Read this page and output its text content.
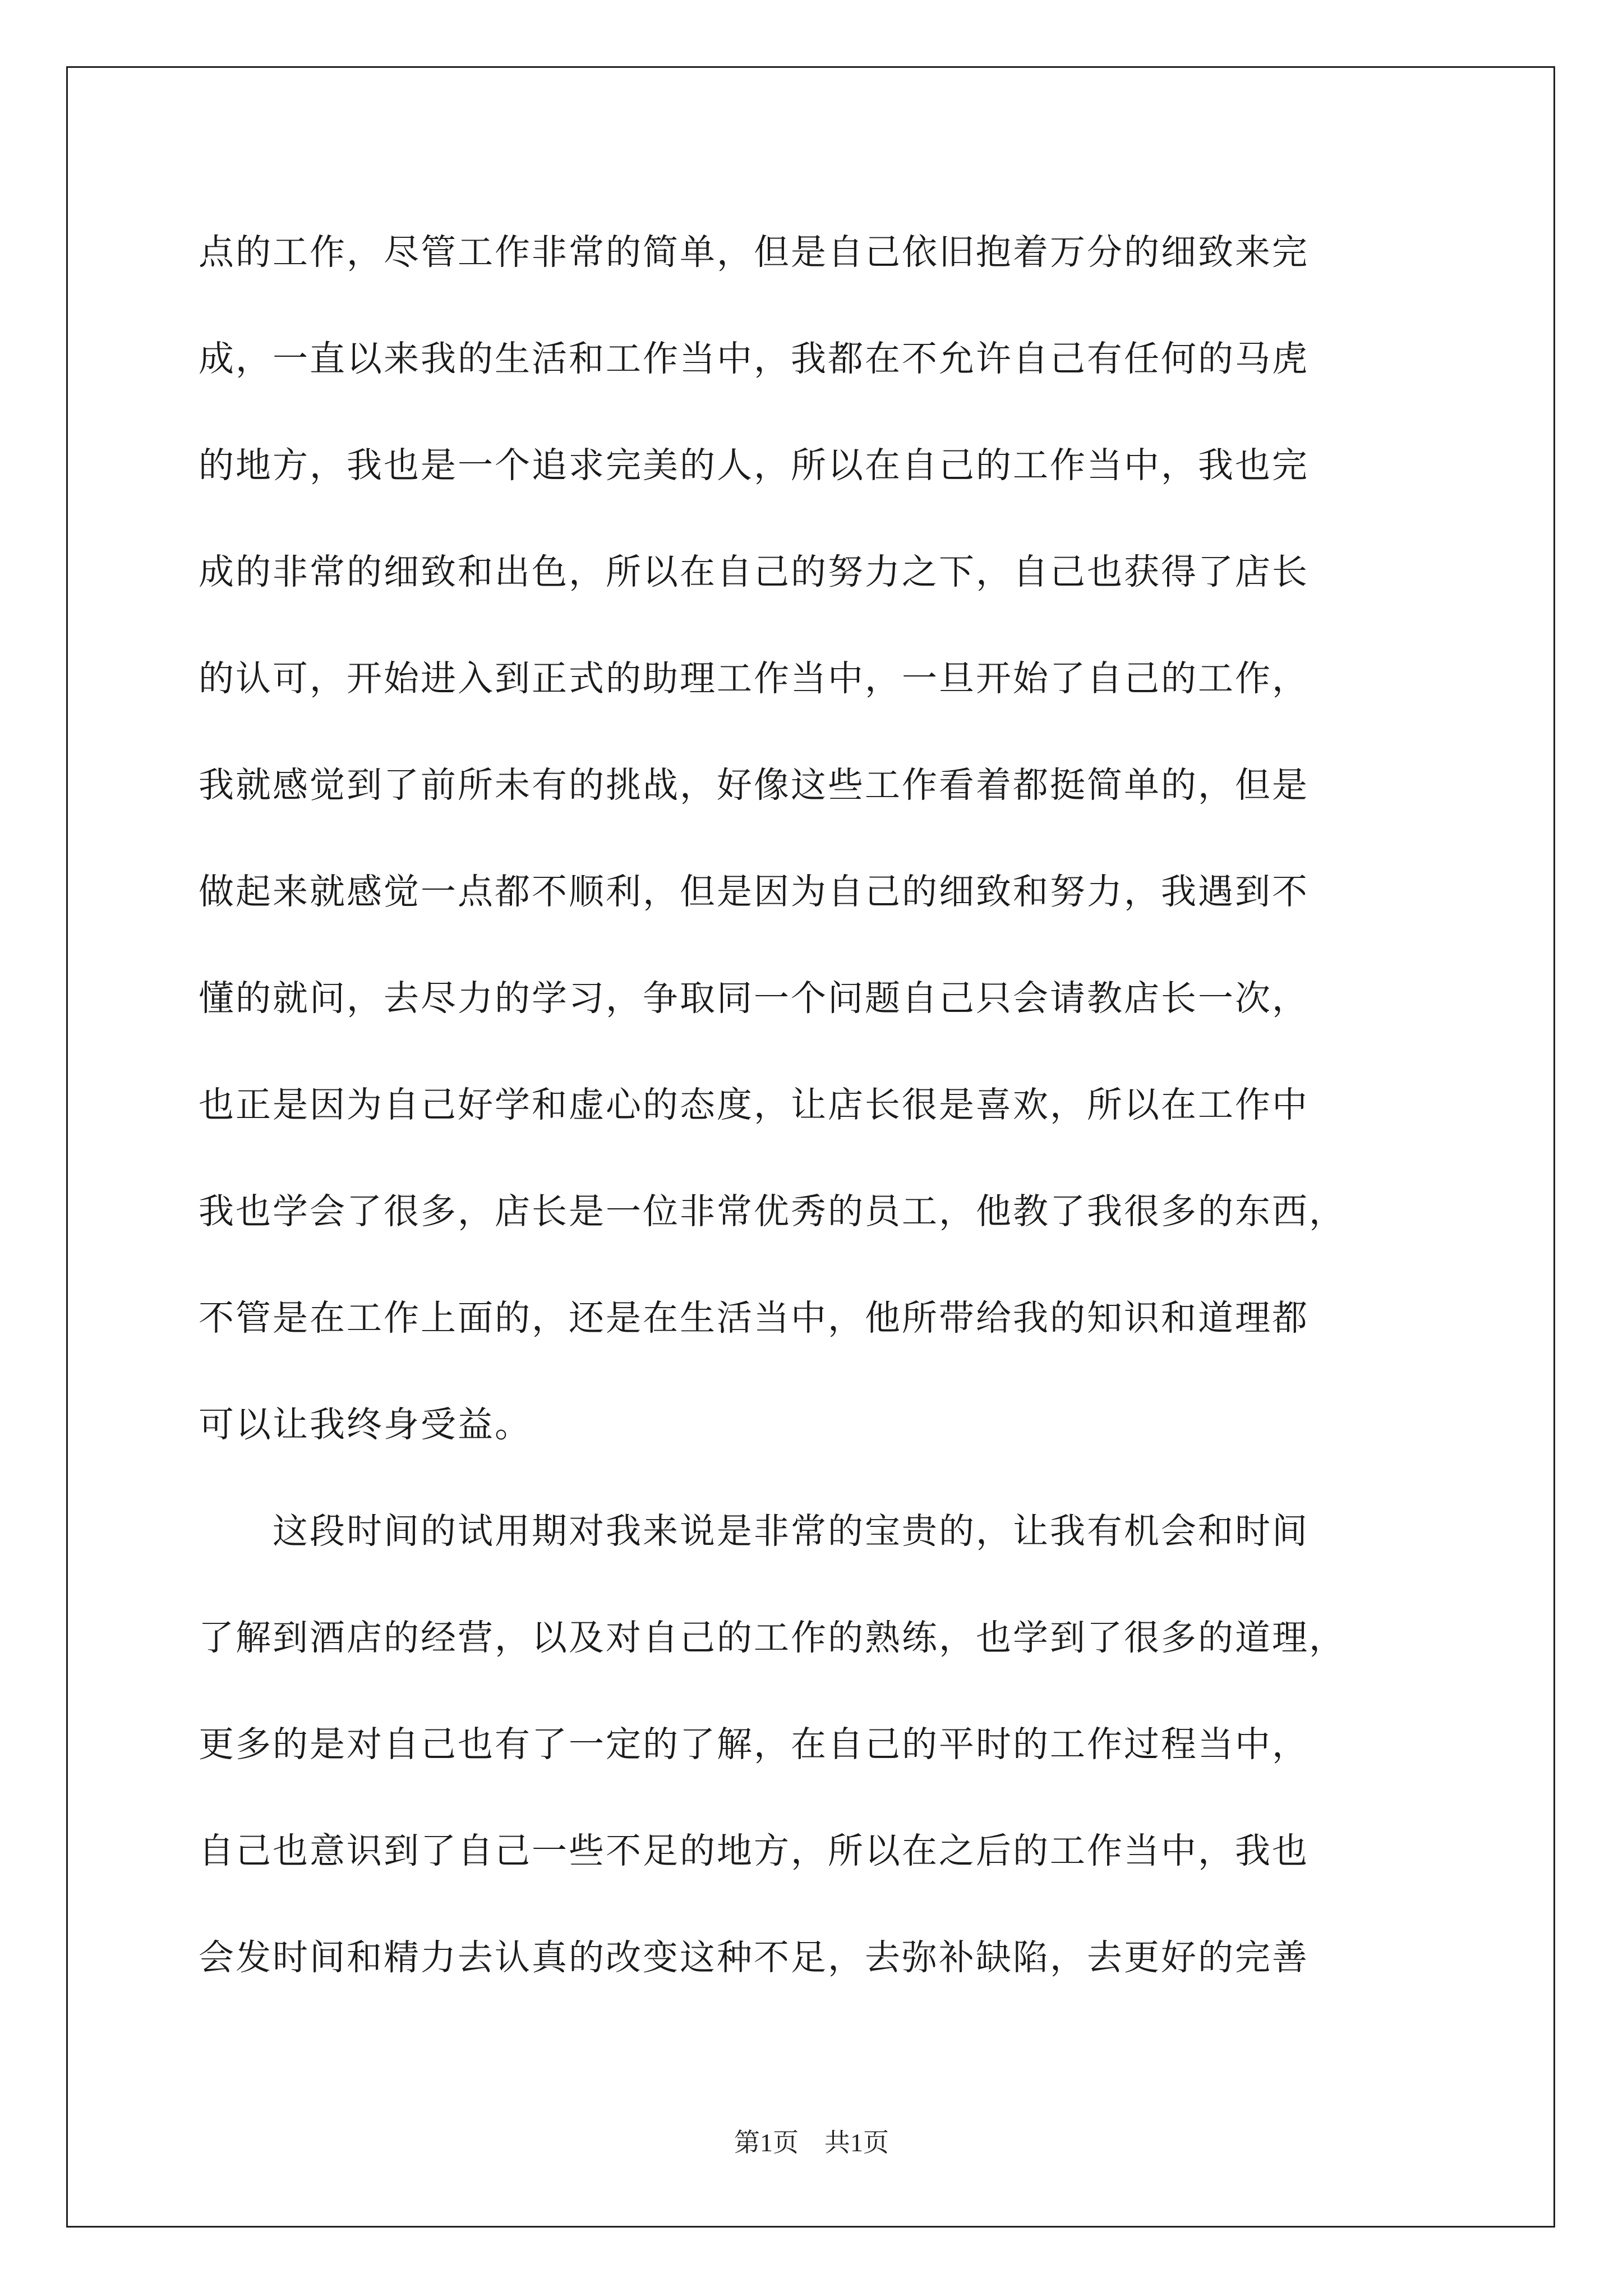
点的工作，尽管工作非常的简单，但是自己依旧抱着万分的细致来完

成，一直以来我的生活和工作当中，我都在不允许自己有任何的马虎

的地方，我也是一个追求完美的人，所以在自己的工作当中，我也完

成的非常的细致和出色，所以在自己的努力之下，自己也获得了店长

的认可，开始进入到正式的助理工作当中，一旦开始了自己的工作，

我就感觉到了前所未有的挑战，好像这些工作看着都挺简单的，但是

做起来就感觉一点都不顺利，但是因为自己的细致和努力，我遇到不

懂的就问，去尽力的学习，争取同一个问题自己只会请教店长一次，

也正是因为自己好学和虚心的态度，让店长很是喜欢，所以在工作中

我也学会了很多，店长是一位非常优秀的员工，他教了我很多的东西，

不管是在工作上面的，还是在生活当中，他所带给我的知识和道理都

可以让我终身受益。

　　这段时间的试用期对我来说是非常的宝贵的，让我有机会和时间

了解到酒店的经营，以及对自己的工作的熟练，也学到了很多的道理，

更多的是对自己也有了一定的了解，在自己的平时的工作过程当中，

自己也意识到了自己一些不足的地方，所以在之后的工作当中，我也

会发时间和精力去认真的改变这种不足，去弥补缺陷，去更好的完善

第1页　共1页
